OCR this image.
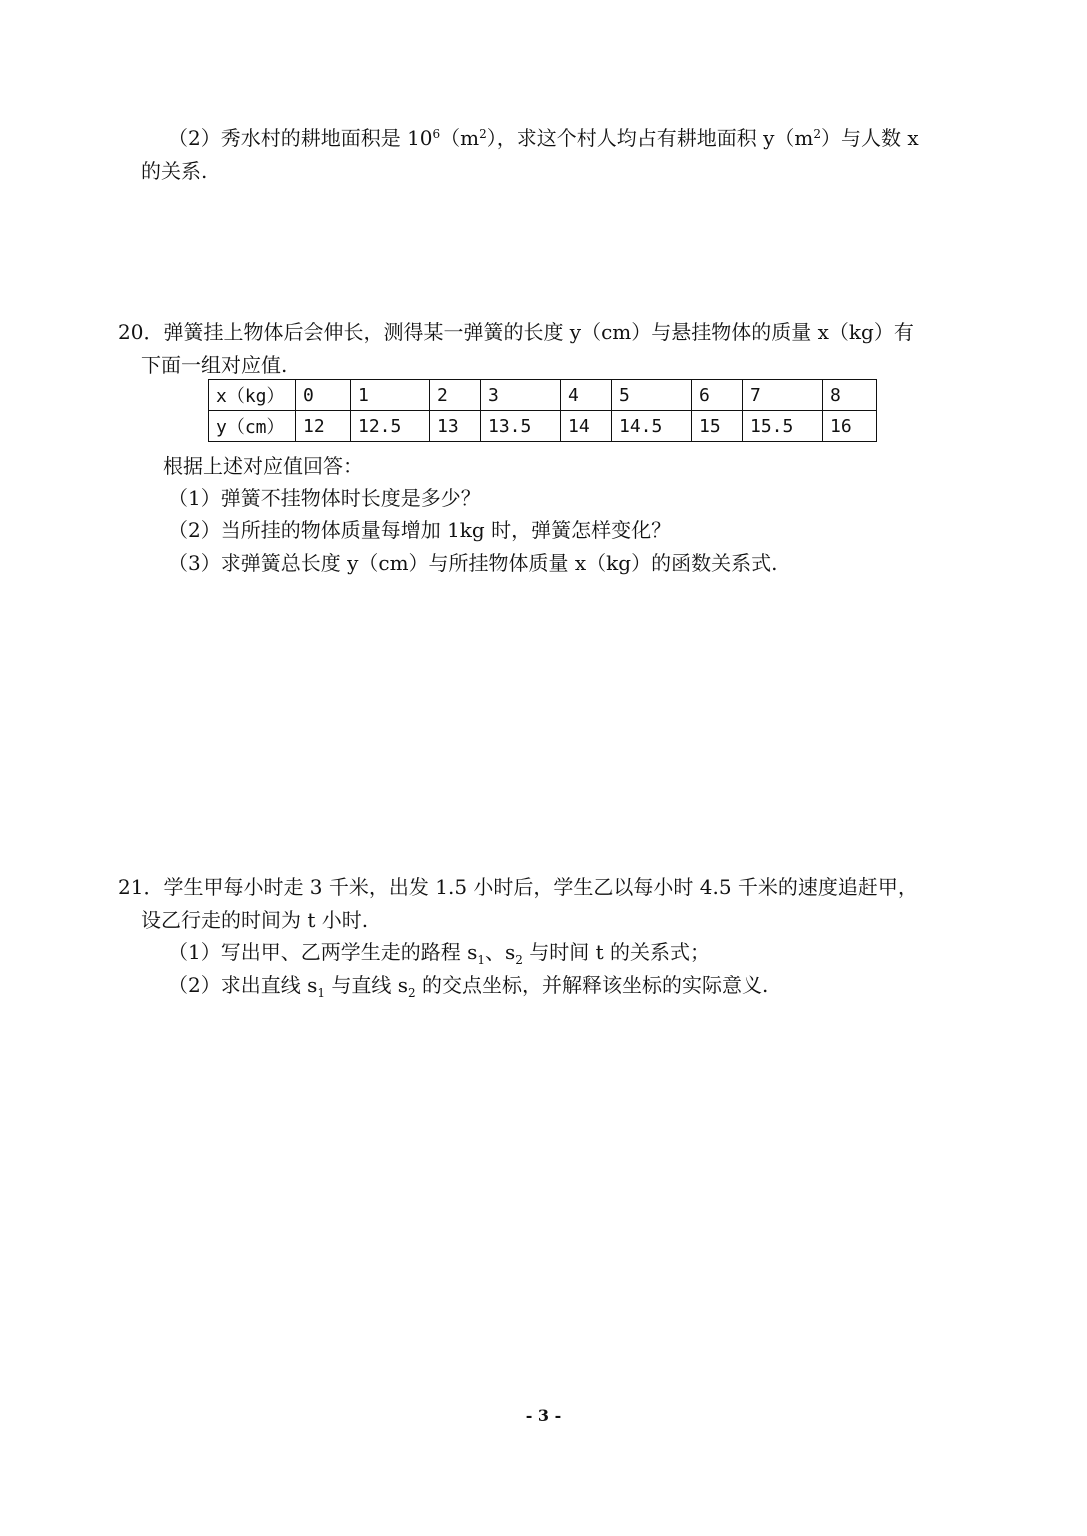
（2）秀水村的耕地面积是 $10^6(m^2)$，求这个村人均占有耕地面积 $y(m^2)$与人数 x
的关系.
20．弹簧挂上物体后会伸长，测得某一弹簧的长度 y（cm）与悬挂物体的质量 x（kg）有
下面一组对应值.
x（kg）	0	1	2	3	4	5	6	7	8
y（cm）	12	12.5	13	13.5	14	14.5	15	15.5	16
根据上述对应值回答：
（1）弹簧不挂物体时长度是多少？
（2）当所挂的物体质量每增加 1kg 时，弹簧怎样变化？
（3）求弹簧总长度 y（cm）与所挂物体质量 x（kg）的函数关系式.
21．学生甲每小时走 3 千米，出发 1.5 小时后，学生乙以每小时 4.5 千米的速度追赶甲，
设乙行走的时间为 t 小时.
（1）写出甲、乙两学生走的路程 $s_1$、$s_2$ 与时间 t 的关系式；
（2）求出直线 $s_1$ 与直线 $s_2$ 的交点坐标，并解释该坐标的实际意义.
- 3 -
